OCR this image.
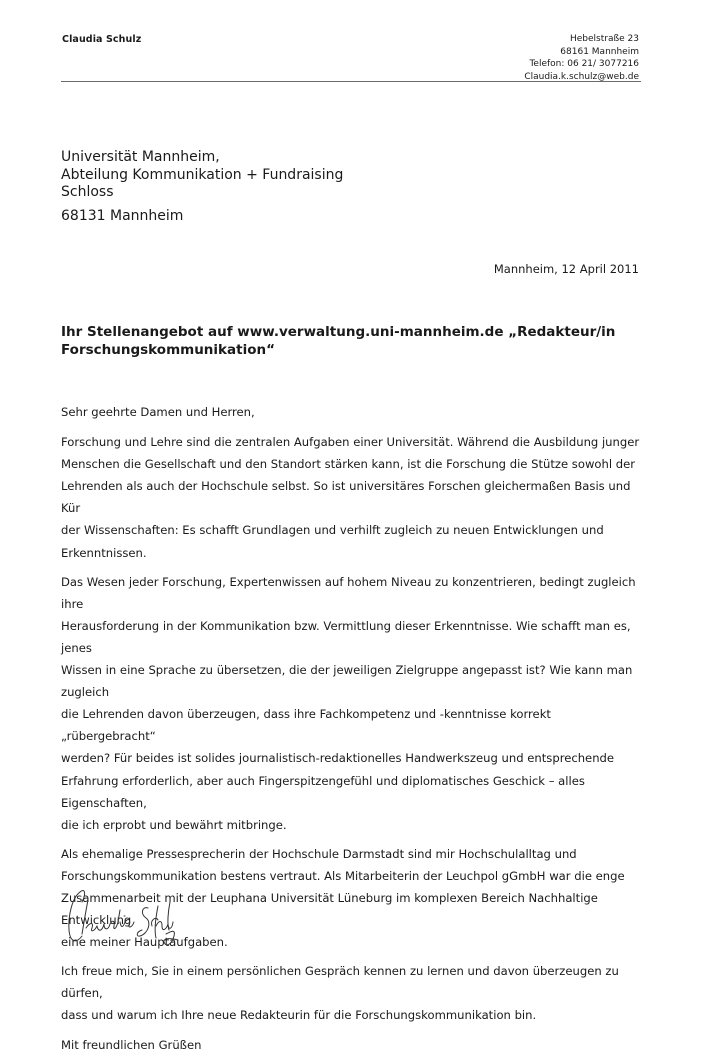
Claudia Schulz	Hebelstraße 23
68161 Mannheim
Telefon: 06 21/ 3077216
Claudia.k.schulz@web.de
Universität Mannheim,
Abteilung Kommunikation + Fundraising
Schloss
68131 Mannheim
Mannheim, 12 April 2011
Ihr Stellenangebot auf www.verwaltung.uni-mannheim.de „Redakteur/in Forschungskommunikation“

Sehr geehrte Damen und Herren,

Forschung und Lehre sind die zentralen Aufgaben einer Universität. Während die Ausbildung junger
Menschen die Gesellschaft und den Standort stärken kann, ist die Forschung die Stütze sowohl der
Lehrenden als auch der Hochschule selbst. So ist universitäres Forschen gleichermaßen Basis und Kür
der Wissenschaften: Es schafft Grundlagen und verhilft zugleich zu neuen Entwicklungen und
Erkenntnissen.

Das Wesen jeder Forschung, Expertenwissen auf hohem Niveau zu konzentrieren, bedingt zugleich ihre
Herausforderung in der Kommunikation bzw. Vermittlung dieser Erkenntnisse. Wie schafft man es, jenes
Wissen in eine Sprache zu übersetzen, die der jeweiligen Zielgruppe angepasst ist? Wie kann man zugleich
die Lehrenden davon überzeugen, dass ihre Fachkompetenz und -kenntnisse korrekt „rübergebracht“
werden? Für beides ist solides journalistisch-redaktionelles Handwerkszeug und entsprechende
Erfahrung erforderlich, aber auch Fingerspitzengefühl und diplomatisches Geschick – alles Eigenschaften,
die ich erprobt und bewährt mitbringe.

Als ehemalige Pressesprecherin der Hochschule Darmstadt sind mir Hochschulalltag und
Forschungskommunikation bestens vertraut. Als Mitarbeiterin der Leuchpol gGmbH war die enge
Zusammenarbeit mit der Leuphana Universität Lüneburg im komplexen Bereich Nachhaltige Entwicklung
eine meiner Hauptaufgaben.

Ich freue mich, Sie in einem persönlichen Gespräch kennen zu lernen und davon überzeugen zu dürfen,
dass und warum ich Ihre neue Redakteurin für die Forschungskommunikation bin.

Mit freundlichen Grüßen
